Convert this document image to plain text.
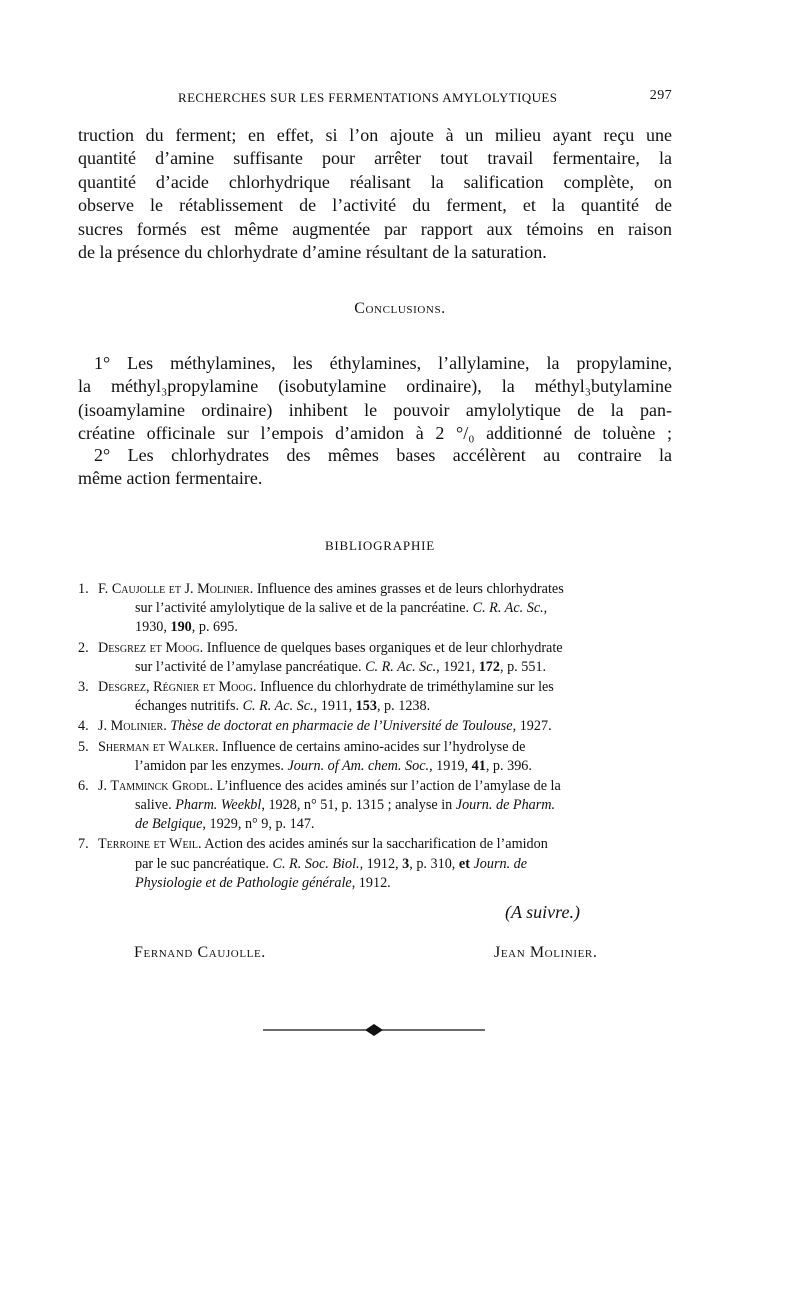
RECHERCHES SUR LES FERMENTATIONS AMYLOLYTIQUES	297
truction du ferment; en effet, si l’on ajoute à un milieu ayant reçu une
quantité d’amine suffisante pour arrêter tout travail fermentaire, la
quantité d’acide chlorhydrique réalisant la salification complète, on
observe le rétablissement de l’activité du ferment, et la quantité de
sucres formés est même augmentée par rapport aux témoins en raison
de la présence du chlorhydrate d’amine résultant de la saturation.
Conclusions.
1° Les méthylamines, les éthylamines, l’allylamine, la propylamine,
la méthyl₃propylamine (isobutylamine ordinaire), la méthyl₃butylamine
(isoamylamine ordinaire) inhibent le pouvoir amylolytique de la pan-
créatine officinale sur l’empois d’amidon à 2 °/₀ additionné de toluène ;
2° Les chlorhydrates des mêmes bases accélèrent au contraire la
même action fermentaire.
BIBLIOGRAPHIE
1. F. Caujolle et J. Molinier. Influence des amines grasses et de leurs chlorhydrates
sur l’activité amylolytique de la salive et de la pancréatine. C. R. Ac. Sc.,
1930, 190, p. 695.
2. Desgrez et Moog. Influence de quelques bases organiques et de leur chlorhydrate
sur l’activité de l’amylase pancréatique. C. R. Ac. Sc., 1921, 172, p. 551.
3. Desgrez, Régnier et Moog. Influence du chlorhydrate de triméthylamine sur les
échanges nutritifs. C. R. Ac. Sc., 1911, 153, p. 1238.
4. J. Molinier. Thèse de doctorat en pharmacie de l’Université de Toulouse, 1927.
5. Sherman et Walker. Influence de certains amino-acides sur l’hydrolyse de
l’amidon par les enzymes. Journ. of Am. chem. Soc., 1919, 41, p. 396.
6. J. Tamminck Grodl. L’influence des acides aminés sur l’action de l’amylase de la
salive. Pharm. Weekbl, 1928, n° 51, p. 1315 ; analyse in Journ. de Pharm.
de Belgique, 1929, n° 9, p. 147.
7. Terroine et Weil. Action des acides aminés sur la saccharification de l’amidon
par le suc pancréatique. C. R. Soc. Biol., 1912, 3, p. 310, et Journ. de
Physiologie et de Pathologie générale, 1912.
(A suivre.)
Fernand Caujolle.	Jean Molinier.
